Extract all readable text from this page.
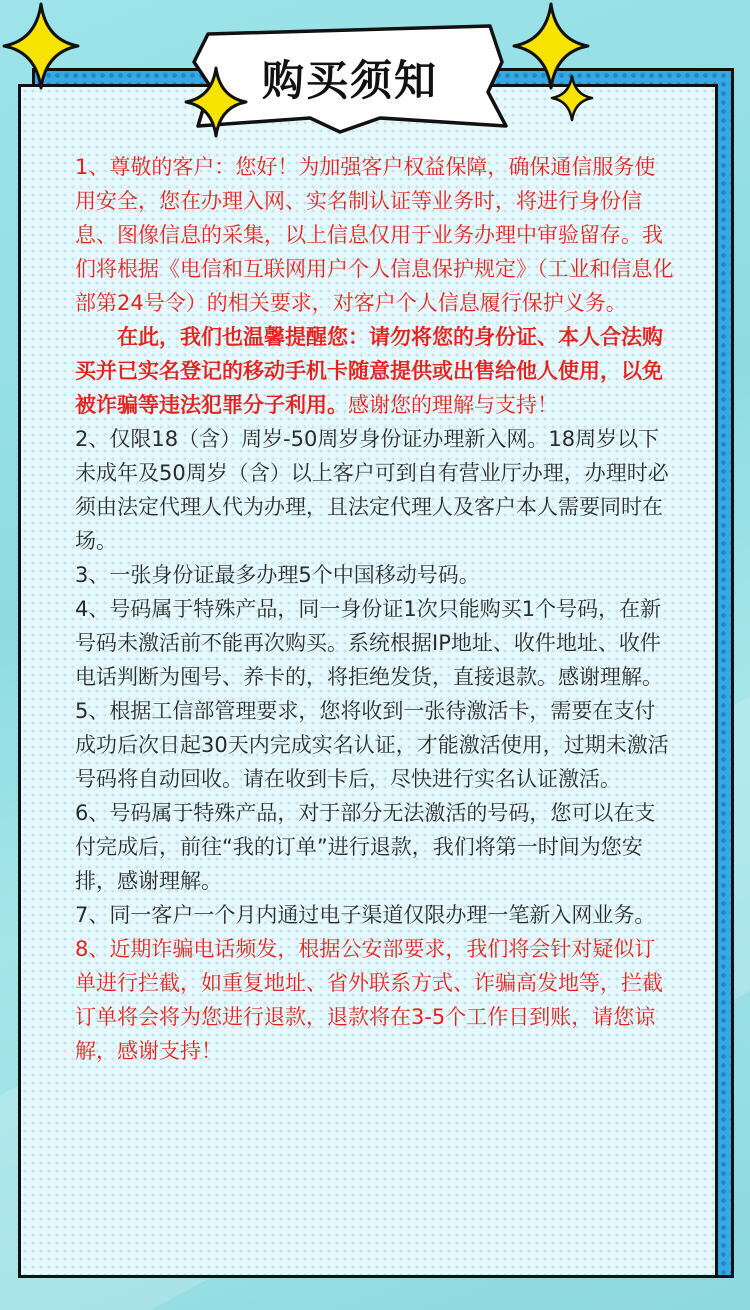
购买须知

1、尊敬的客户：您好！为加强客户权益保障，确保通信服务使用安全，您在办理入网、实名制认证等业务时，将进行身份信息、图像信息的采集，以上信息仅用于业务办理中审验留存。我们将根据《电信和互联网用户个人信息保护规定》（工业和信息化部第24号令）的相关要求，对客户个人信息履行保护义务。

在此，我们也温馨提醒您：请勿将您的身份证、本人合法购买并已实名登记的移动手机卡随意提供或出售给他人使用，以免被诈骗等违法犯罪分子利用。感谢您的理解与支持！

2、仅限18（含）周岁-50周岁身份证办理新入网。18周岁以下未成年及50周岁（含）以上客户可到自有营业厅办理，办理时必须由法定代理人代为办理，且法定代理人及客户本人需要同时在场。

3、一张身份证最多办理5个中国移动号码。

4、号码属于特殊产品，同一身份证1次只能购买1个号码，在新号码未激活前不能再次购买。系统根据IP地址、收件地址、收件电话判断为囤号、养卡的，将拒绝发货，直接退款。感谢理解。

5、根据工信部管理要求，您将收到一张待激活卡，需要在支付成功后次日起30天内完成实名认证，才能激活使用，过期未激活号码将自动回收。请在收到卡后，尽快进行实名认证激活。

6、号码属于特殊产品，对于部分无法激活的号码，您可以在支付完成后，前往“我的订单”进行退款，我们将第一时间为您安排，感谢理解。

7、同一客户一个月内通过电子渠道仅限办理一笔新入网业务。

8、近期诈骗电话频发，根据公安部要求，我们将会针对疑似订单进行拦截，如重复地址、省外联系方式、诈骗高发地等，拦截订单将会将为您进行退款，退款将在3-5个工作日到账，请您谅解，感谢支持！
